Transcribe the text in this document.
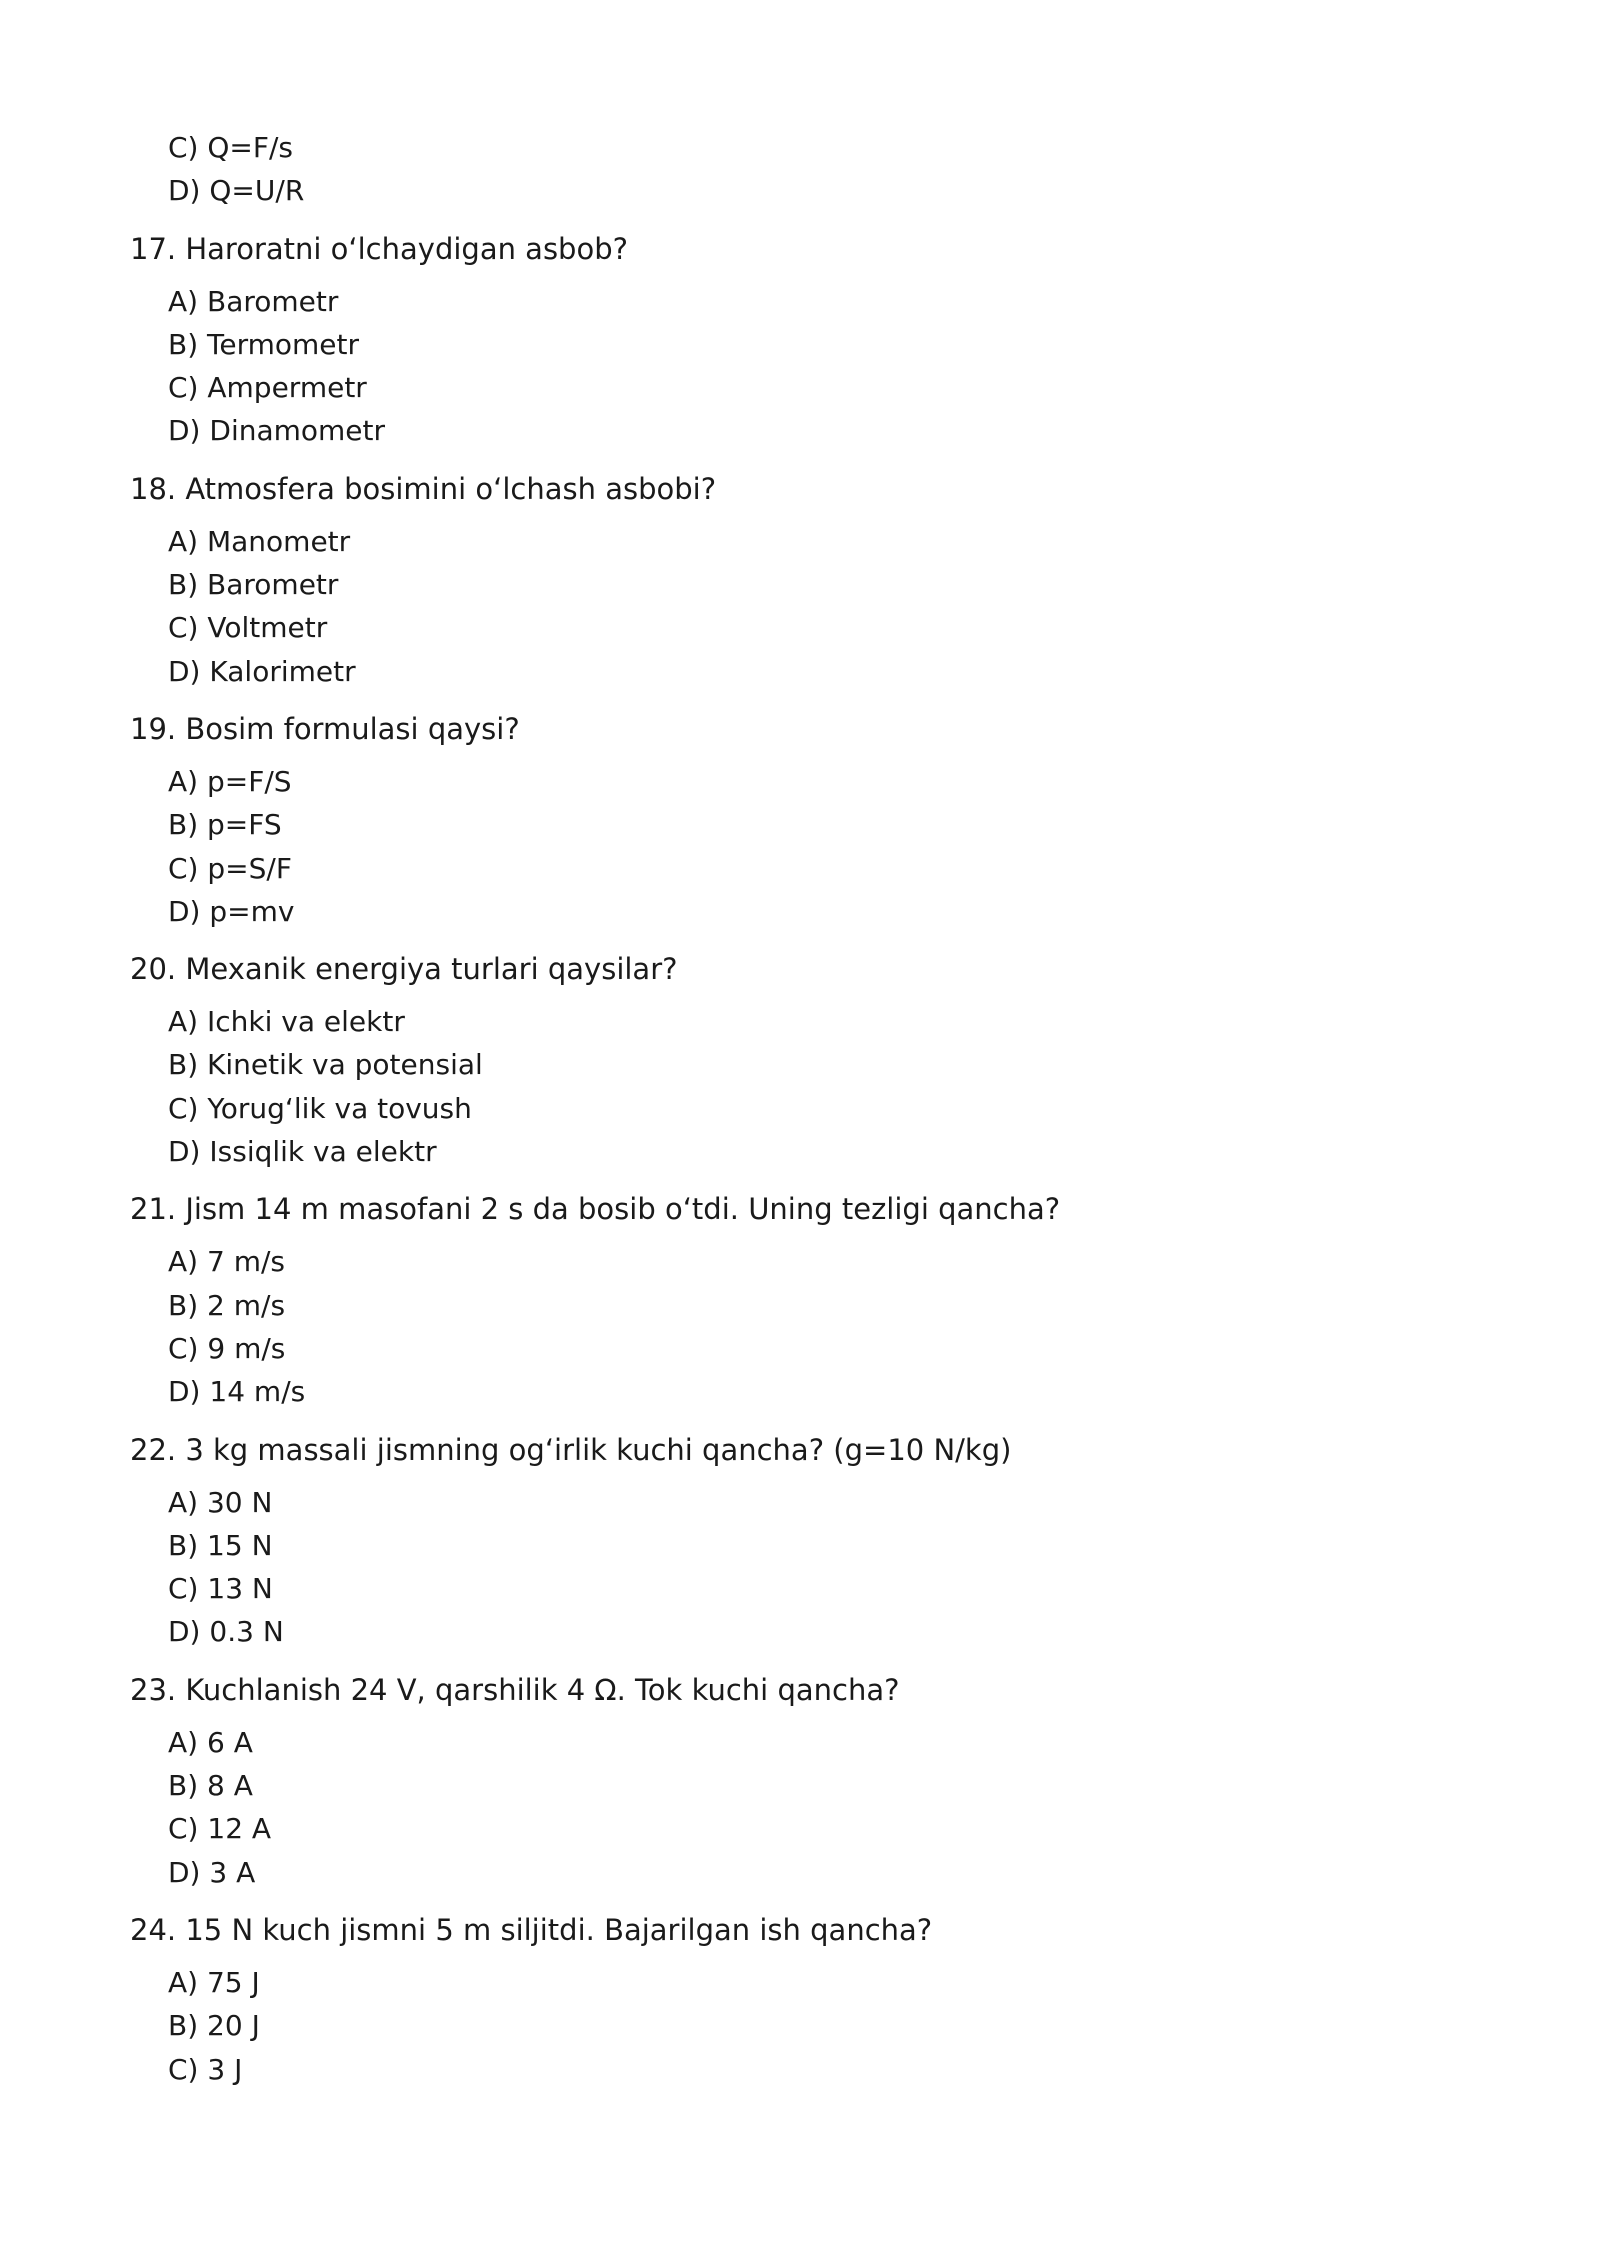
C) Q=F/s
D) Q=U/R
17. Haroratni o‘lchaydigan asbob?
A) Barometr
B) Termometr
C) Ampermetr
D) Dinamometr
18. Atmosfera bosimini o‘lchash asbobi?
A) Manometr
B) Barometr
C) Voltmetr
D) Kalorimetr
19. Bosim formulasi qaysi?
A) p=F/S
B) p=FS
C) p=S/F
D) p=mv
20. Mexanik energiya turlari qaysilar?
A) Ichki va elektr
B) Kinetik va potensial
C) Yorug‘lik va tovush
D) Issiqlik va elektr
21. Jism 14 m masofani 2 s da bosib o‘tdi. Uning tezligi qancha?
A) 7 m/s
B) 2 m/s
C) 9 m/s
D) 14 m/s
22. 3 kg massali jismning og‘irlik kuchi qancha? (g=10 N/kg)
A) 30 N
B) 15 N
C) 13 N
D) 0.3 N
23. Kuchlanish 24 V, qarshilik 4 Ω. Tok kuchi qancha?
A) 6 A
B) 8 A
C) 12 A
D) 3 A
24. 15 N kuch jismni 5 m siljitdi. Bajarilgan ish qancha?
A) 75 J
B) 20 J
C) 3 J
